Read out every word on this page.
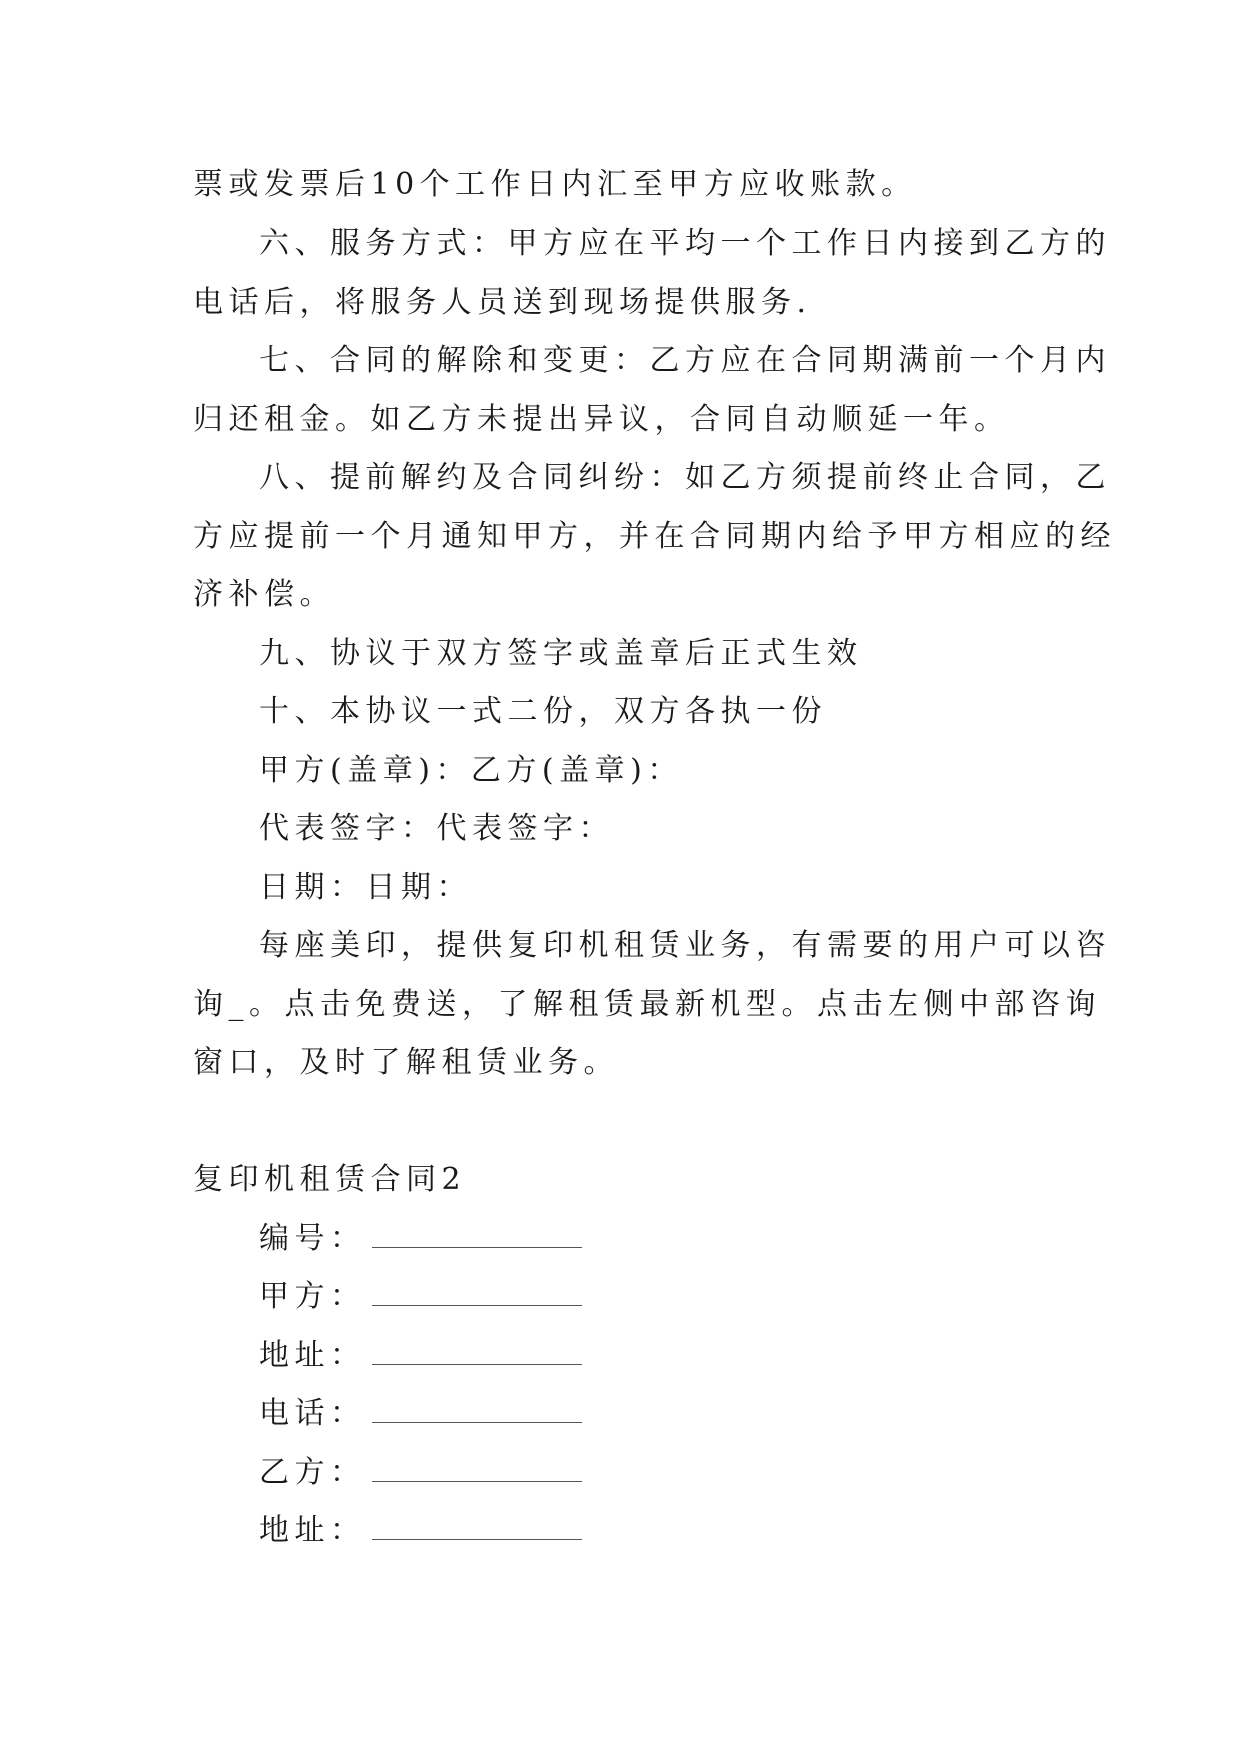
票或发票后10个工作日内汇至甲方应收账款。
六、服务方式：甲方应在平均一个工作日内接到乙方的
电话后，将服务人员送到现场提供服务.
七、合同的解除和变更：乙方应在合同期满前一个月内
归还租金。如乙方未提出异议，合同自动顺延一年。
八、提前解约及合同纠纷：如乙方须提前终止合同，乙
方应提前一个月通知甲方，并在合同期内给予甲方相应的经
济补偿。
九、协议于双方签字或盖章后正式生效
十、本协议一式二份，双方各执一份
甲方(盖章)：乙方(盖章)：
代表签字：代表签字：
日期：日期：
每座美印，提供复印机租赁业务，有需要的用户可以咨
询_。点击免费送，了解租赁最新机型。点击左侧中部咨询
窗口，及时了解租赁业务。
复印机租赁合同2
编号：
甲方：
地址：
电话：
乙方：
地址：
